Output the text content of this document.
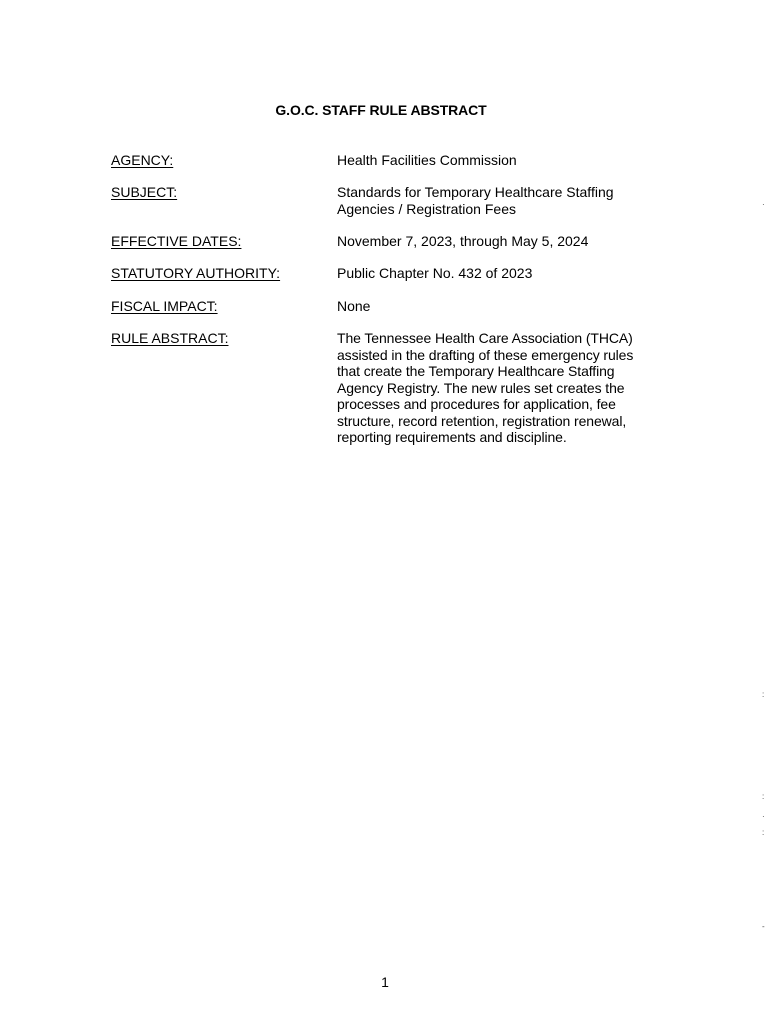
G.O.C. STAFF RULE ABSTRACT
AGENCY:	Health Facilities Commission
SUBJECT:	Standards for Temporary Healthcare Staffing Agencies / Registration Fees
EFFECTIVE DATES:	November 7, 2023, through May 5, 2024
STATUTORY AUTHORITY:	Public Chapter No. 432 of 2023
FISCAL IMPACT:	None
RULE ABSTRACT:	The Tennessee Health Care Association (THCA) assisted in the drafting of these emergency rules that create the Temporary Healthcare Staffing Agency Registry. The new rules set creates the processes and procedures for application, fee structure, record retention, registration renewal, reporting requirements and discipline.
1
·
:
:
·
:
-
